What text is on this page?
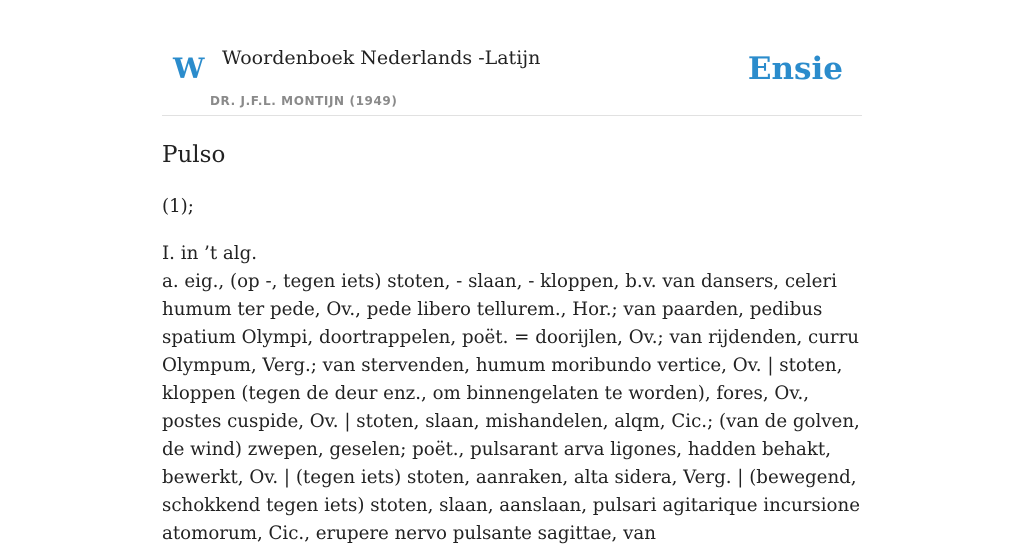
W Woordenboek Nederlands -Latijn
DR. J.F.L. MONTIJN (1949)
Ensie
Pulso

(1);

I. in ’t alg.
a. eig., (op -, tegen iets) stoten, - slaan, - kloppen, b.v. van dansers, celeri humum ter pede, Ov., pede libero tellurem., Hor.; van paarden, pedibus spatium Olympi, doortrappelen, poët. = doorijlen, Ov.; van rijdenden, curru Olympum, Verg.; van stervenden, humum moribundo vertice, Ov. | stoten, kloppen (tegen de deur enz., om binnengelaten te worden), fores, Ov., postes cuspide, Ov. | stoten, slaan, mishandelen, alqm, Cic.; (van de golven, de wind) zwepen, geselen; poët., pulsarant arva ligones, hadden behakt, bewerkt, Ov. | (tegen iets) stoten, aanraken, alta sidera, Verg. | (bewegend, schokkend tegen iets) stoten, slaan, aanslaan, pulsari agitarique incursione atomorum, Cic., erupere nervo pulsante sagittae, van
